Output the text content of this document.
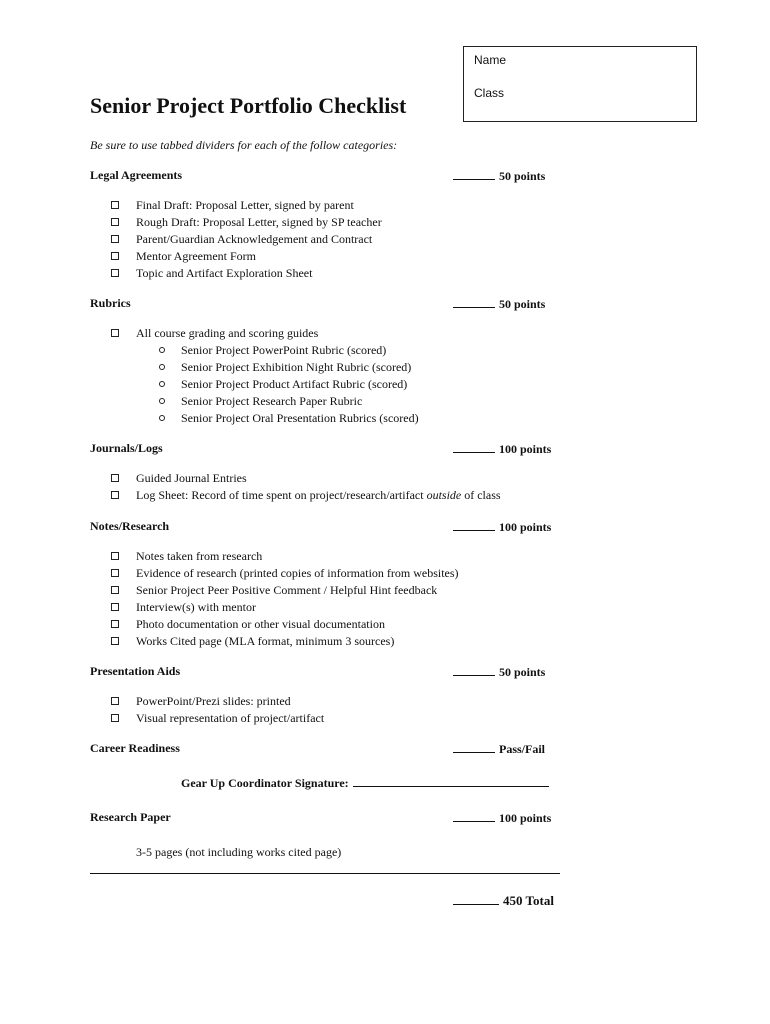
Name
Class
Senior Project Portfolio Checklist
Be sure to use tabbed dividers for each of the follow categories:
Legal Agreements	50 points
Final Draft: Proposal Letter, signed by parent
Rough Draft: Proposal Letter, signed by SP teacher
Parent/Guardian Acknowledgement and Contract
Mentor Agreement Form
Topic and Artifact Exploration Sheet
Rubrics	50 points
All course grading and scoring guides
Senior Project PowerPoint Rubric (scored)
Senior Project Exhibition Night Rubric (scored)
Senior Project Product Artifact Rubric (scored)
Senior Project Research Paper Rubric
Senior Project Oral Presentation Rubrics (scored)
Journals/Logs	100 points
Guided Journal Entries
Log Sheet: Record of time spent on project/research/artifact outside of class
Notes/Research	100 points
Notes taken from research
Evidence of research (printed copies of information from websites)
Senior Project Peer Positive Comment / Helpful Hint feedback
Interview(s) with mentor
Photo documentation or other visual documentation
Works Cited page (MLA format, minimum 3 sources)
Presentation Aids	50 points
PowerPoint/Prezi slides: printed
Visual representation of project/artifact
Career Readiness	Pass/Fail
Gear Up Coordinator Signature:
Research Paper	100 points
3-5 pages (not including works cited page)
450 Total
